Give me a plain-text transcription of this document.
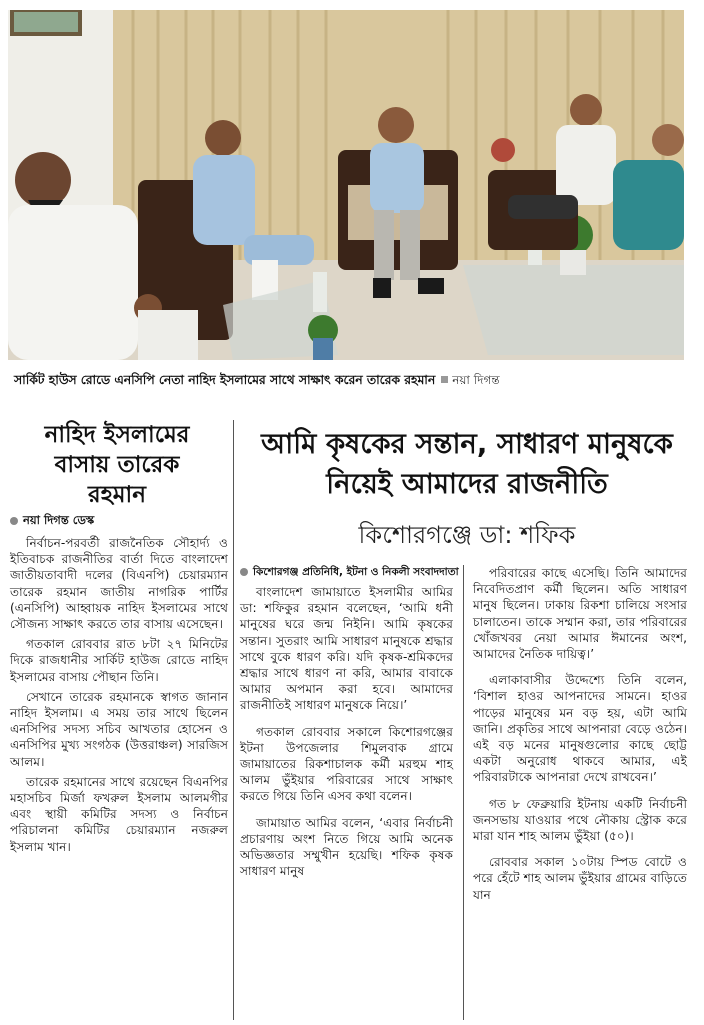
সার্কিট হাউস রোডে এনসিপি নেতা নাহিদ ইসলামের সাথে সাক্ষাৎ করেন তারেক রহমান নয়া দিগন্ত
নাহিদ ইসলামের
বাসায় তারেক
রহমান
নয়া দিগন্ত ডেস্ক

নির্বাচন-পরবর্তী রাজনৈতিক সৌহার্দ্য ও ইতিবাচক রাজনীতির বার্তা দিতে বাংলাদেশ জাতীয়তাবাদী দলের (বিএনপি) চেয়ারম্যান তারেক রহমান জাতীয় নাগরিক পার্টির (এনসিপি) আহ্বায়ক নাহিদ ইসলামের সাথে সৌজন্য সাক্ষাৎ করতে তার বাসায় এসেছেন।

গতকাল রোববার রাত ৮টা ২৭ মিনিটের দিকে রাজধানীর সার্কিট হাউজ রোডে নাহিদ ইসলামের বাসায় পৌছান তিনি।

সেখানে তারেক রহমানকে স্বাগত জানান নাহিদ ইসলাম। এ সময় তার সাথে ছিলেন এনসিপির সদস্য সচিব আখতার হোসেন ও এনসিপির মুখ্য সংগঠক (উত্তরাঞ্চল) সারজিস আলম।

তারেক রহমানের সাথে রয়েছেন বিএনপির মহাসচিব মির্জা ফখরুল ইসলাম আলমগীর এবং স্থায়ী কমিটির সদস্য ও নির্বাচন পরিচালনা কমিটির চেয়ারম্যান নজরুল ইসলাম খান।

আমি কৃষকের সন্তান, সাধারণ মানুষকে
নিয়েই আমাদের রাজনীতি
কিশোরগঞ্জে ডা: শফিক
কিশোরগঞ্জ প্রতিনিধি, ইটনা ও নিকলী সংবাদদাতা

বাংলাদেশ জামায়াতে ইসলামীর আমির ডা: শফিকুর রহমান বলেছেন, ‘আমি ধনী মানুষের ঘরে জন্ম নিইনি। আমি কৃষকের সন্তান। সুতরাং আমি সাধারণ মানুষকে শ্রদ্ধার সাথে বুকে ধারণ করি। যদি কৃষক-শ্রমিকদের শ্রদ্ধার সাথে ধারণ না করি, আমার বাবাকে আমার অপমান করা হবে। আমাদের রাজনীতিই সাধারণ মানুষকে নিয়ে।’

গতকাল রোববার সকালে কিশোরগঞ্জের ইটনা উপজেলার শিমুলবাক গ্রামে জামায়াতের রিকশাচালক কর্মী মরহুম শাহ আলম ভুঁইয়ার পরিবারের সাথে সাক্ষাৎ করতে গিয়ে তিনি এসব কথা বলেন।

জামায়াত আমির বলেন, ‘এবার নির্বাচনী প্রচারণায় অংশ নিতে গিয়ে আমি অনেক অভিজ্ঞতার সম্মুখীন হয়েছি। শফিক কৃষক সাধারণ মানুষ

পরিবারের কাছে এসেছি। তিনি আমাদের নিবেদিতপ্রাণ কর্মী ছিলেন। অতি সাধারণ মানুষ ছিলেন। ঢাকায় রিকশা চালিয়ে সংসার চালাতেন। তাকে সম্মান করা, তার পরিবারের খোঁজখবর নেয়া আমার ঈমানের অংশ, আমাদের নৈতিক দায়িত্ব।’

এলাকাবাসীর উদ্দেশ্যে তিনি বলেন, ‘বিশাল হাওর আপনাদের সামনে। হাওর পাড়ের মানুষের মন বড় হয়, এটা আমি জানি। প্রকৃতির সাথে আপনারা বেড়ে ওঠেন। এই বড় মনের মানুষগুলোর কাছে ছোট্ট একটা অনুরোধ থাকবে আমার, এই পরিবারটাকে আপনারা দেখে রাখবেন।’

গত ৮ ফেব্রুয়ারি ইটনায় একটি নির্বাচনী জনসভায় যাওয়ার পথে নৌকায় স্ট্রোক করে মারা যান শাহ আলম ভুঁইয়া (৫০)।

রোববার সকাল ১০টায় স্পিড বোটে ও পরে হেঁটে শাহ আলম ভুঁইয়ার গ্রামের বাড়িতে যান
